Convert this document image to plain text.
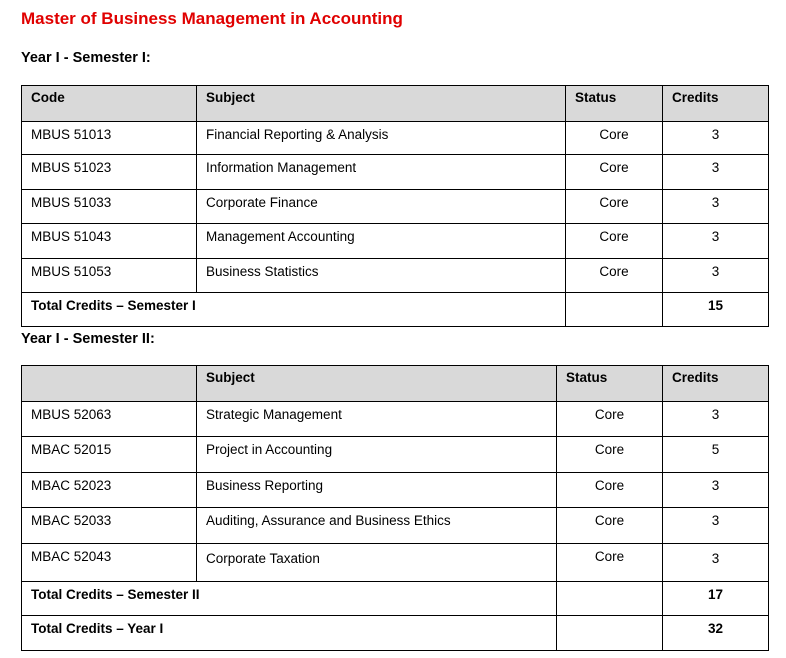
Master of Business Management in Accounting
Year I - Semester I:
Code	Subject	Status	Credits
MBUS 51013	Financial Reporting & Analysis	Core	3
MBUS 51023	Information Management	Core	3
MBUS 51033	Corporate Finance	Core	3
MBUS 51043	Management Accounting	Core	3
MBUS 51053	Business Statistics	Core	3
Total Credits – Semester I			15
Year I - Semester II:
	Subject	Status	Credits
MBUS 52063	Strategic Management	Core	3
MBAC 52015	Project in Accounting	Core	5
MBAC 52023	Business Reporting	Core	3
MBAC 52033	Auditing, Assurance and Business Ethics	Core	3
MBAC 52043	Corporate Taxation	Core	3
Total Credits – Semester II			17
Total Credits – Year I			32
